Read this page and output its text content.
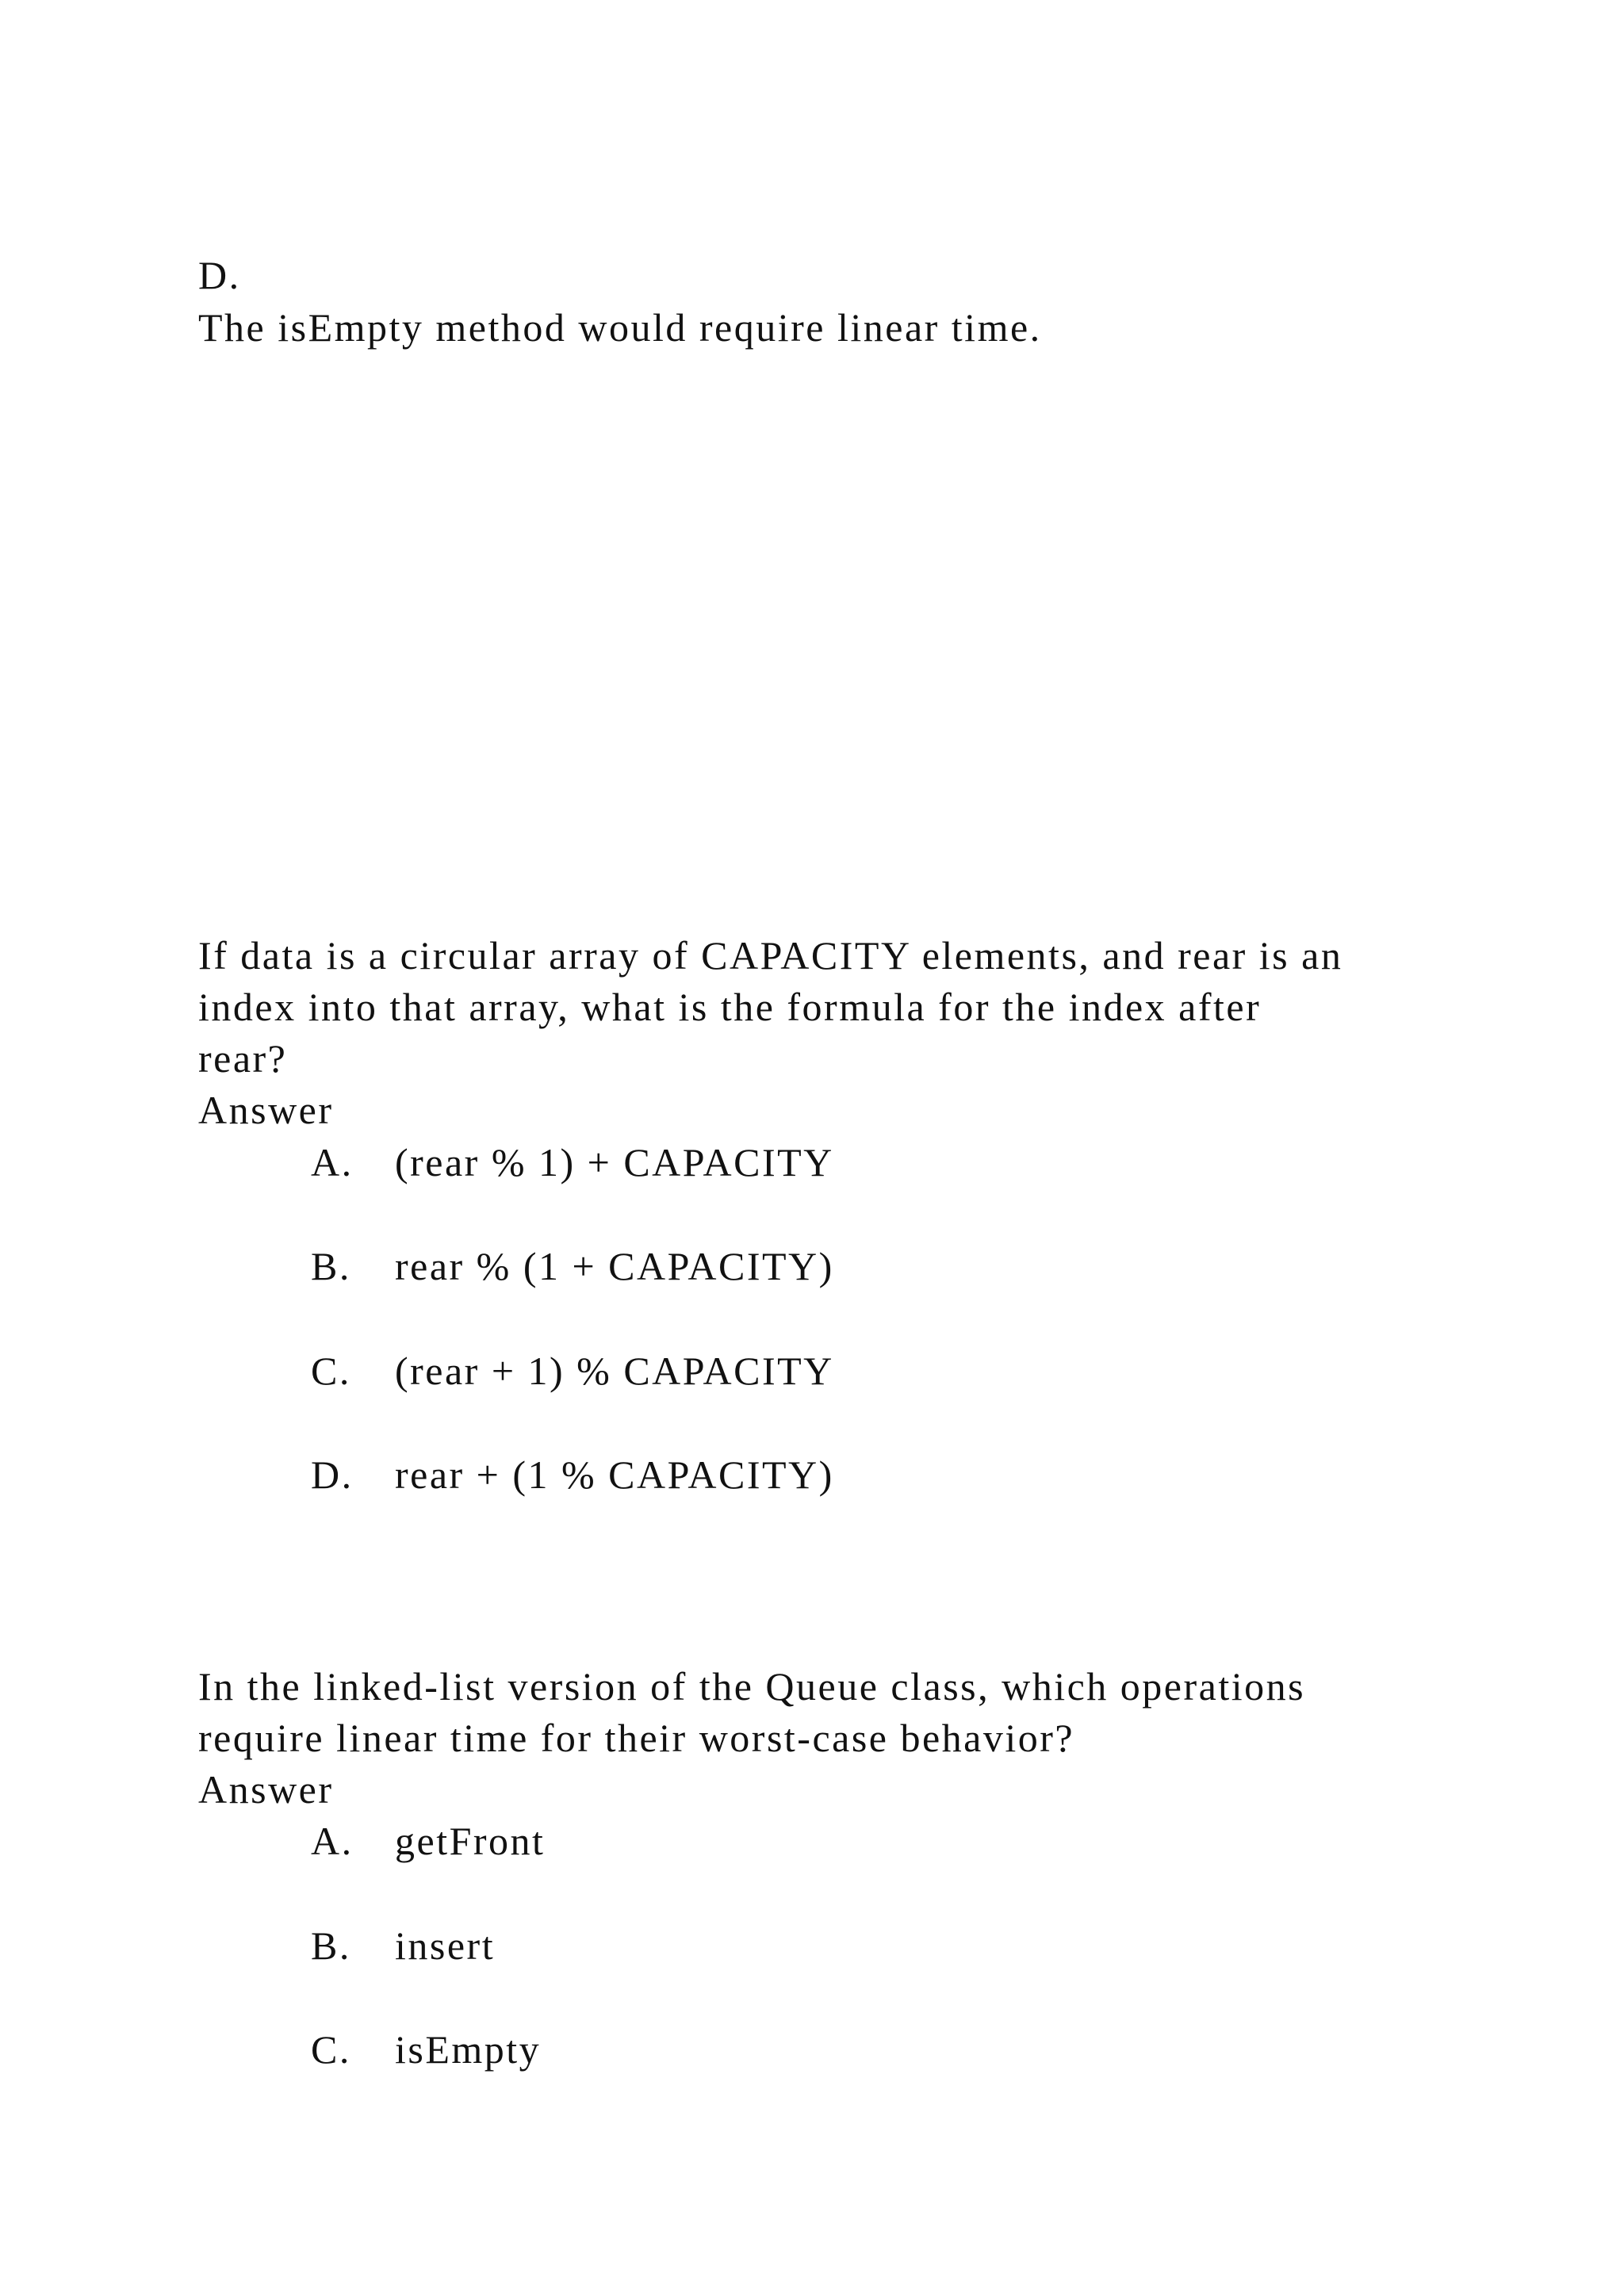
D.
The isEmpty method would require linear time.
If data is a circular array of CAPACITY elements, and rear is an
index into that array, what is the formula for the index after
rear?
Answer
A. (rear % 1) + CAPACITY
B. rear % (1 + CAPACITY)
C. (rear + 1) % CAPACITY
D. rear + (1 % CAPACITY)
In the linked-list version of the Queue class, which operations
require linear time for their worst-case behavior?
Answer
A. getFront
B. insert
C. isEmpty
